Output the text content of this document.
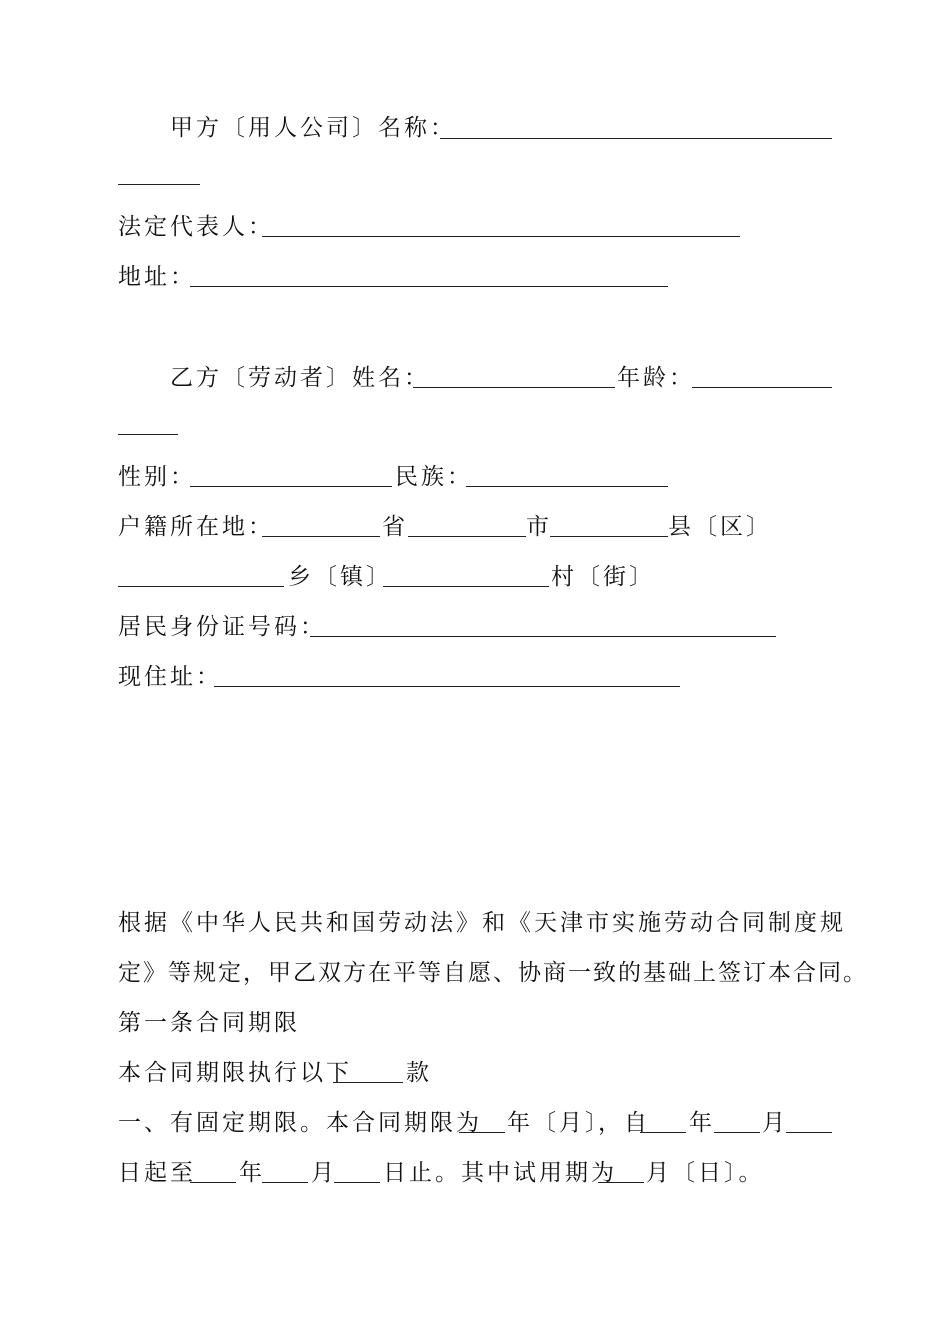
甲方〔用人公司〕名称：
法定代表人：
地址：
乙方〔劳动者〕姓名：	年龄：
性别：	民族：
户籍所在地：	省	市	县〔区〕
乡〔镇〕	村〔街〕
居民身份证号码：
现住址：
根据《中华人民共和国劳动法》和《天津市实施劳动合同制度规
定》等规定，甲乙双方在平等自愿、协商一致的基础上签订本合同。
第一条合同期限
本合同期限执行以下 款
一、有固定期限。本合同期限为 年〔月〕
，自 年 月
日起至 年 月 日止。其中试用期为 月〔日〕。
